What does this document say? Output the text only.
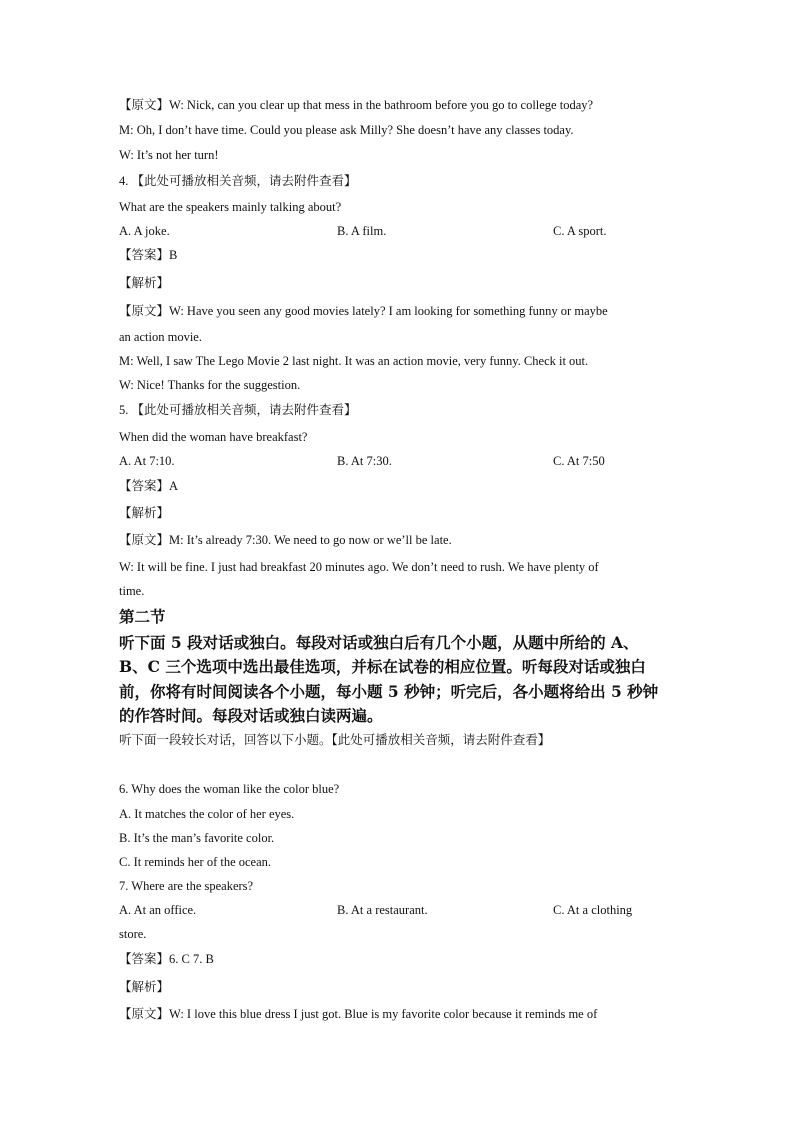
【原文】W: Nick, can you clear up that mess in the bathroom before you go to college today?
M: Oh, I don’t have time. Could you please ask Milly? She doesn’t have any classes today.
W: It’s not her turn!
4. 【此处可播放相关音频，请去附件查看】
What are the speakers mainly talking about?
A. A joke.	B. A film.	C. A sport.
【答案】B
【解析】
【原文】W: Have you seen any good movies lately? I am looking for something funny or maybe
an action movie.
M: Well, I saw The Lego Movie 2 last night. It was an action movie, very funny. Check it out.
W: Nice! Thanks for the suggestion.
5. 【此处可播放相关音频，请去附件查看】
When did the woman have breakfast?
A. At 7:10.	B. At 7:30.	C. At 7:50
【答案】A
【解析】
【原文】M: It’s already 7:30. We need to go now or we’ll be late.
W: It will be fine. I just had breakfast 20 minutes ago. We don’t need to rush. We have plenty of
time.
第二节
听下面 5 段对话或独白。每段对话或独白后有几个小题，从题中所给的 A、
B、C 三个选项中选出最佳选项，并标在试卷的相应位置。听每段对话或独白
前，你将有时间阅读各个小题，每小题 5 秒钟；听完后，各小题将给出 5 秒钟
的作答时间。每段对话或独白读两遍。
听下面一段较长对话，回答以下小题。【此处可播放相关音频，请去附件查看】
6. Why does the woman like the color blue?
A. It matches the color of her eyes.
B. It’s the man’s favorite color.
C. It reminds her of the ocean.
7. Where are the speakers?
A. At an office.	B. At a restaurant.	C. At a clothing
store.
【答案】6. C 7. B
【解析】
【原文】W: I love this blue dress I just got. Blue is my favorite color because it reminds me of
